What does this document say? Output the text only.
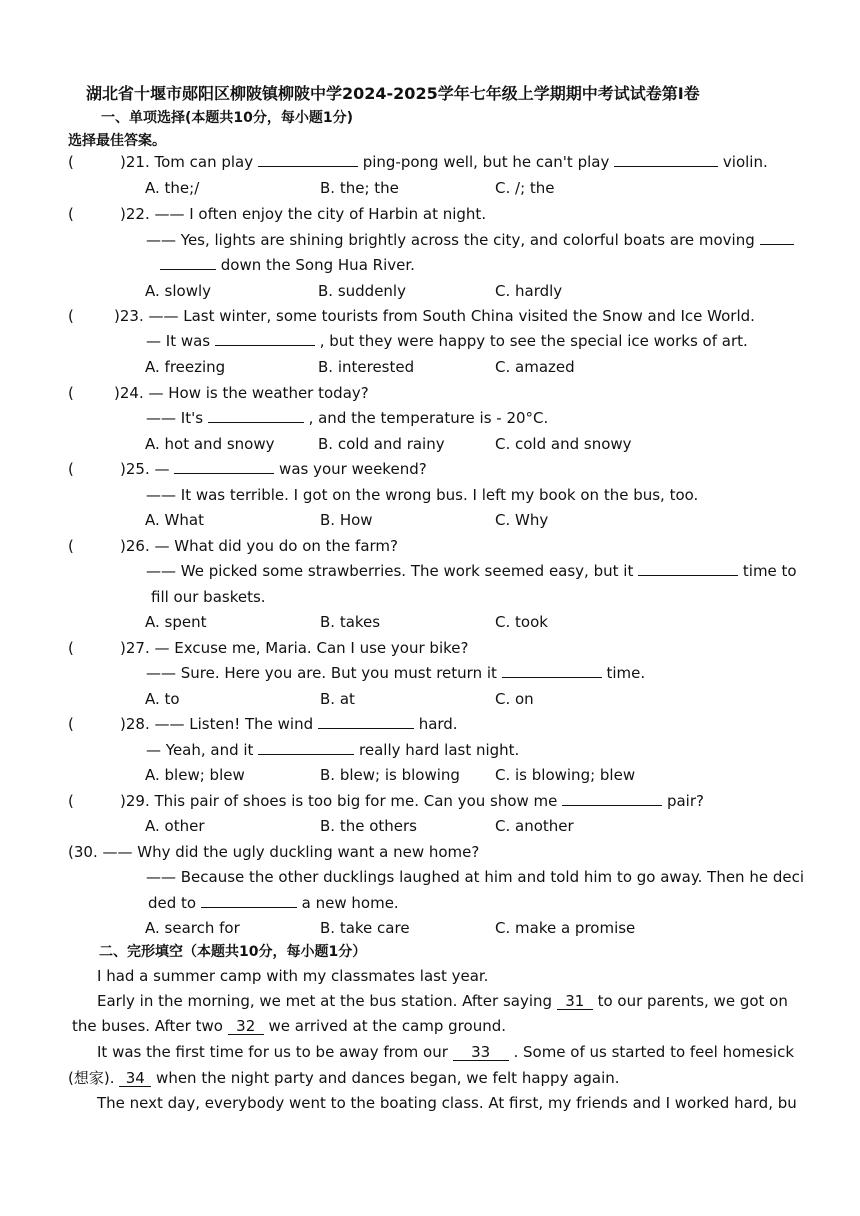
湖北省十堰市郧阳区柳陂镇柳陂中学2024-2025学年七年级上学期期中考试试卷第Ⅰ卷
一、单项选择(本题共10分，每小题1分)
选择最佳答案。
(	)21. Tom can play	ping-pong well, but he can't play	violin.
A. the;/	B. the; the	C. /; the
(	)22. —— I often enjoy the city of Harbin at night.
—— Yes, lights are shining brightly across the city, and colorful boats are moving
down the Song Hua River.
A. slowly	B. suddenly	C. hardly
(	)23. —— Last winter, some tourists from South China visited the Snow and Ice World.
— It was	, but they were happy to see the special ice works of art.
A. freezing	B. interested	C. amazed
(	)24. — How is the weather today?
—— It's	, and the temperature is - 20°C.
A. hot and snowy	B. cold and rainy	C. cold and snowy
(	)25. —	was your weekend?
—— It was terrible. I got on the wrong bus. I left my book on the bus, too.
A. What	B. How	C. Why
(	)26. — What did you do on the farm?
—— We picked some strawberries. The work seemed easy, but it	time to
fill our baskets.
A. spent	B. takes	C. took
(	)27. — Excuse me, Maria. Can I use your bike?
—— Sure. Here you are. But you must return it	time.
A. to	B. at	C. on
(	)28. —— Listen! The wind	hard.
— Yeah, and it	really hard last night.
A. blew; blew	B. blew; is blowing C. is blowing; blew
(	)29. This pair of shoes is too big for me. Can you show me	pair?
A. other	B. the others	C. another
(30. —— Why did the ugly duckling want a new home?
—— Because the other ducklings laughed at him and told him to go away. Then he deci
ded to	a new home.
A. search for	B. take care	C. make a promise
二、完形填空（本题共10分，每小题1分）
I had a summer camp with my classmates last year.
Early in the morning, we met at the bus station. After saying 31 to our parents, we got on
the buses. After two 32 we arrived at the camp ground.
It was the first time for us to be away from our 33 . Some of us started to feel homesick
(想家). 34 when the night party and dances began, we felt happy again.
The next day, everybody went to the boating class. At first, my friends and I worked hard, bu
